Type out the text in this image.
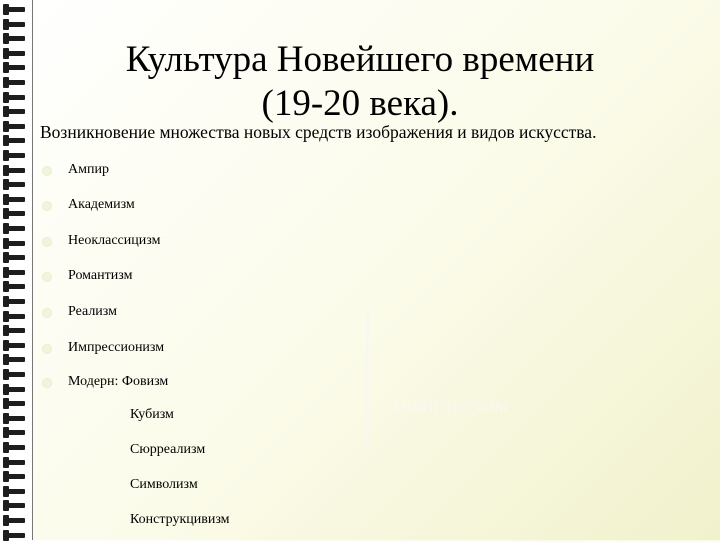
Культура Новейшего времени
(19-20 века).
Возникновение множества новых средств изображения и видов искусства.
Ампир
Академизм
Неоклассицизм
Романтизм
Реализм
Импрессионизм
Модерн: Фовизм
Кубизм
Сюрреализм
Символизм
Конструкцивизм
Авангардизм
